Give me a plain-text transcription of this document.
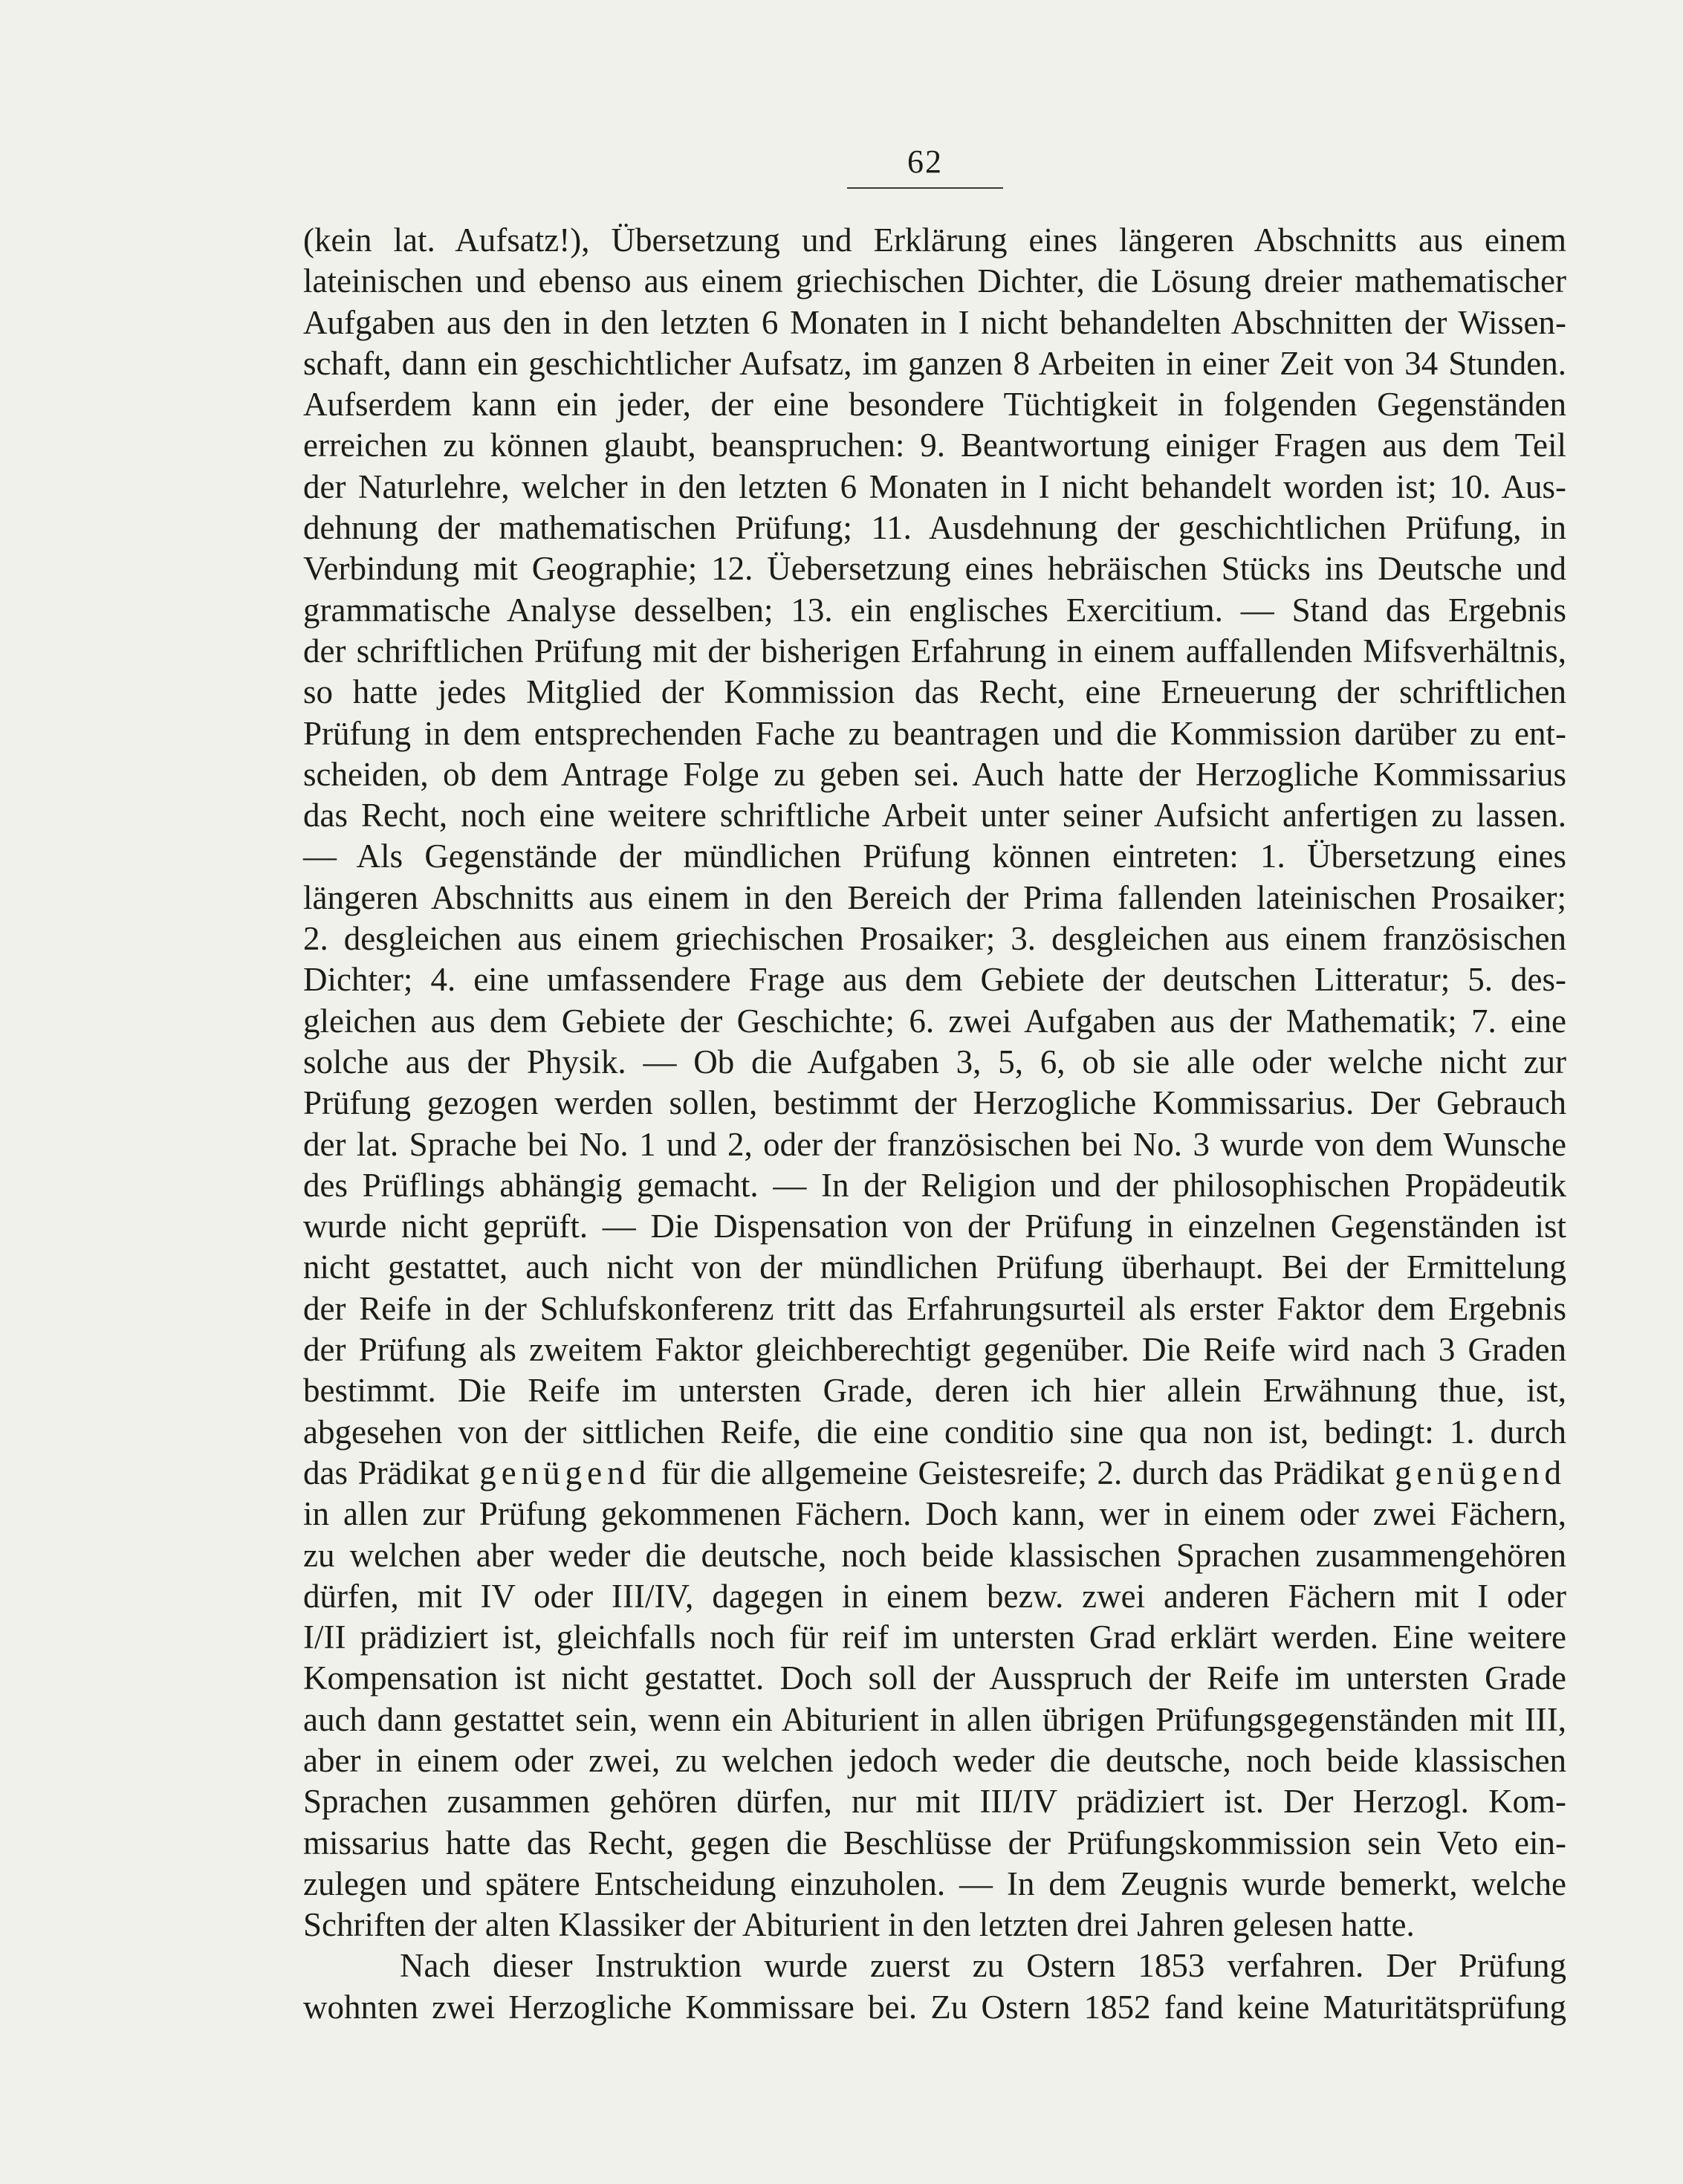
62
(kein lat. Aufsatz!), Übersetzung und Erklärung eines längeren Abschnitts aus einem
lateinischen und ebenso aus einem griechischen Dichter, die Lösung dreier mathematischer
Aufgaben aus den in den letzten 6 Monaten in I nicht behandelten Abschnitten der Wissen-
schaft, dann ein geschichtlicher Aufsatz, im ganzen 8 Arbeiten in einer Zeit von 34 Stunden.
Aufserdem kann ein jeder, der eine besondere Tüchtigkeit in folgenden Gegenständen
erreichen zu können glaubt, beanspruchen: 9. Beantwortung einiger Fragen aus dem Teil
der Naturlehre, welcher in den letzten 6 Monaten in I nicht behandelt worden ist; 10. Aus-
dehnung der mathematischen Prüfung; 11. Ausdehnung der geschichtlichen Prüfung, in
Verbindung mit Geographie; 12. Üebersetzung eines hebräischen Stücks ins Deutsche und
grammatische Analyse desselben; 13. ein englisches Exercitium. — Stand das Ergebnis
der schriftlichen Prüfung mit der bisherigen Erfahrung in einem auffallenden Mifsverhältnis,
so hatte jedes Mitglied der Kommission das Recht, eine Erneuerung der schriftlichen
Prüfung in dem entsprechenden Fache zu beantragen und die Kommission darüber zu ent-
scheiden, ob dem Antrage Folge zu geben sei. Auch hatte der Herzogliche Kommissarius
das Recht, noch eine weitere schriftliche Arbeit unter seiner Aufsicht anfertigen zu lassen.
— Als Gegenstände der mündlichen Prüfung können eintreten: 1. Übersetzung eines
längeren Abschnitts aus einem in den Bereich der Prima fallenden lateinischen Prosaiker;
2. desgleichen aus einem griechischen Prosaiker; 3. desgleichen aus einem französischen
Dichter; 4. eine umfassendere Frage aus dem Gebiete der deutschen Litteratur; 5. des-
gleichen aus dem Gebiete der Geschichte; 6. zwei Aufgaben aus der Mathematik; 7. eine
solche aus der Physik. — Ob die Aufgaben 3, 5, 6, ob sie alle oder welche nicht zur
Prüfung gezogen werden sollen, bestimmt der Herzogliche Kommissarius. Der Gebrauch
der lat. Sprache bei No. 1 und 2, oder der französischen bei No. 3 wurde von dem Wunsche
des Prüflings abhängig gemacht. — In der Religion und der philosophischen Propädeutik
wurde nicht geprüft. — Die Dispensation von der Prüfung in einzelnen Gegenständen ist
nicht gestattet, auch nicht von der mündlichen Prüfung überhaupt. Bei der Ermittelung
der Reife in der Schlufskonferenz tritt das Erfahrungsurteil als erster Faktor dem Ergebnis
der Prüfung als zweitem Faktor gleichberechtigt gegenüber. Die Reife wird nach 3 Graden
bestimmt. Die Reife im untersten Grade, deren ich hier allein Erwähnung thue, ist,
abgesehen von der sittlichen Reife, die eine conditio sine qua non ist, bedingt: 1. durch
das Prädikat genügend für die allgemeine Geistesreife; 2. durch das Prädikat genügend
in allen zur Prüfung gekommenen Fächern. Doch kann, wer in einem oder zwei Fächern,
zu welchen aber weder die deutsche, noch beide klassischen Sprachen zusammengehören
dürfen, mit IV oder III/IV, dagegen in einem bezw. zwei anderen Fächern mit I oder
I/II prädiziert ist, gleichfalls noch für reif im untersten Grad erklärt werden. Eine weitere
Kompensation ist nicht gestattet. Doch soll der Ausspruch der Reife im untersten Grade
auch dann gestattet sein, wenn ein Abiturient in allen übrigen Prüfungsgegenständen mit III,
aber in einem oder zwei, zu welchen jedoch weder die deutsche, noch beide klassischen
Sprachen zusammen gehören dürfen, nur mit III/IV prädiziert ist. Der Herzogl. Kom-
missarius hatte das Recht, gegen die Beschlüsse der Prüfungskommission sein Veto ein-
zulegen und spätere Entscheidung einzuholen. — In dem Zeugnis wurde bemerkt, welche
Schriften der alten Klassiker der Abiturient in den letzten drei Jahren gelesen hatte.
Nach dieser Instruktion wurde zuerst zu Ostern 1853 verfahren. Der Prüfung
wohnten zwei Herzogliche Kommissare bei. Zu Ostern 1852 fand keine Maturitätsprüfung
